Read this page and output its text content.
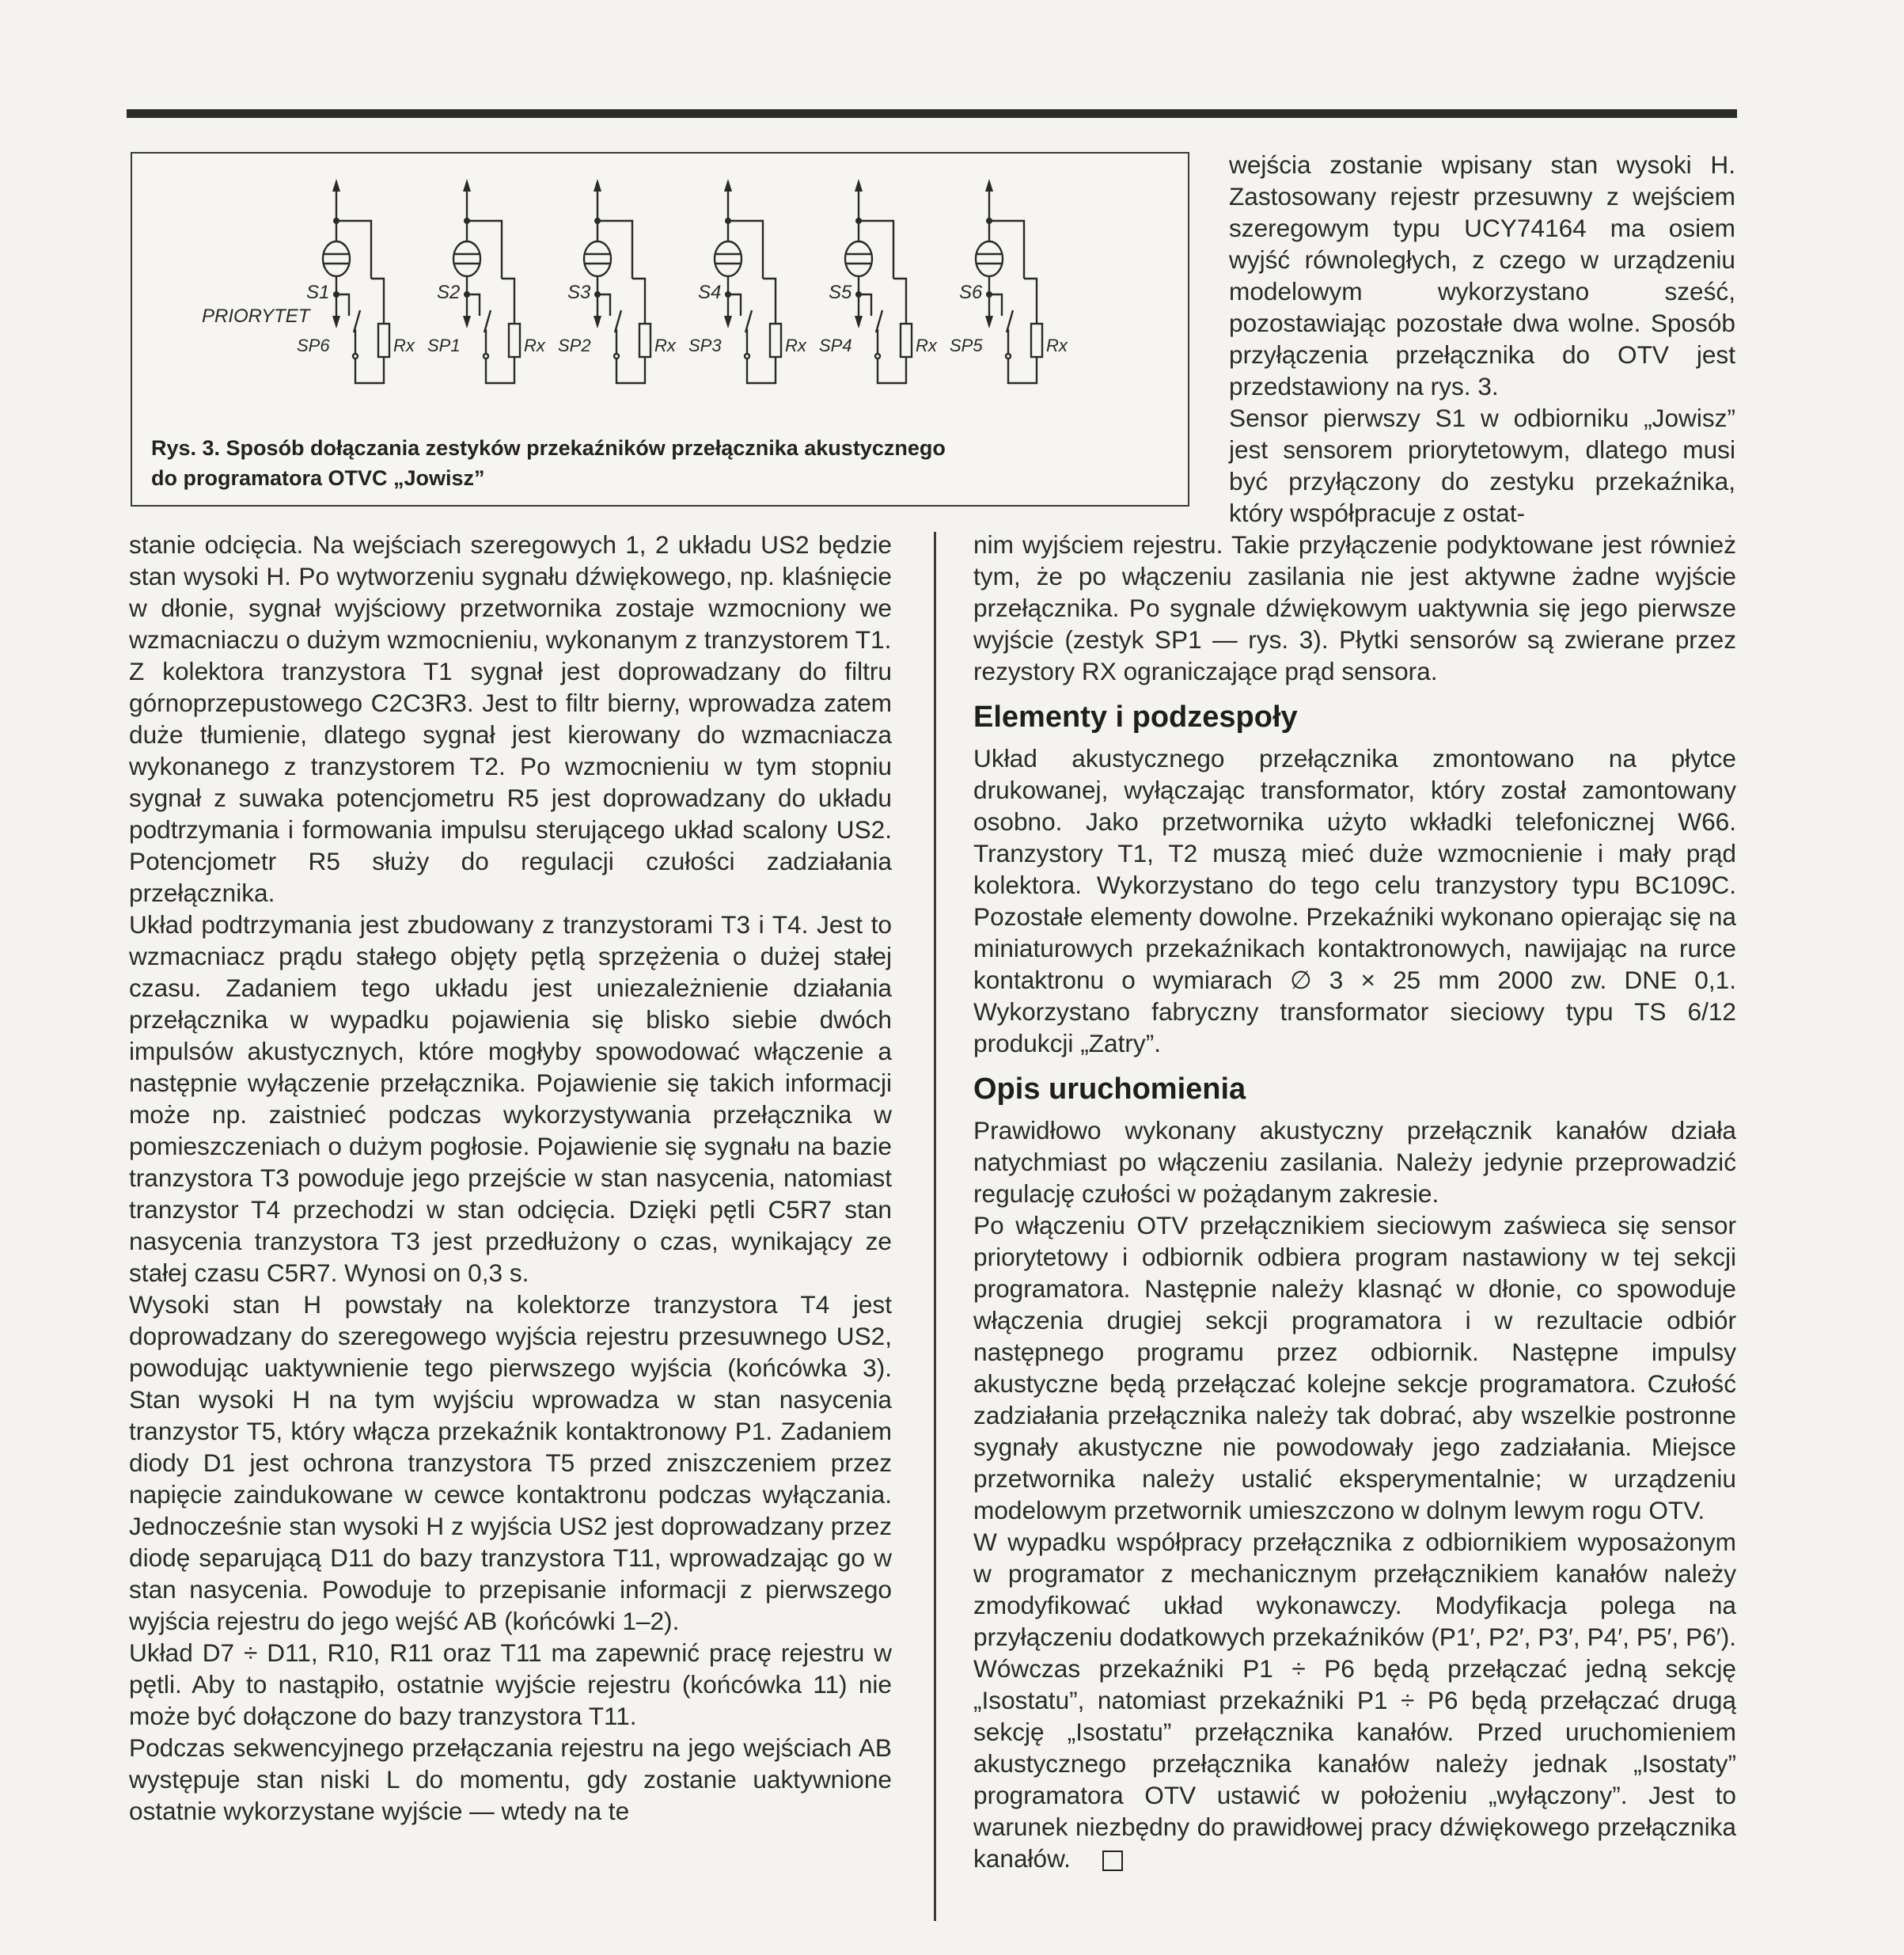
S1
SP6	Rx
S2
SP1	Rx
S3
SP2	Rx
S4
SP3	Rx
S5
SP4	Rx
S6
SP5	Rx
PRIORYTET
Rys. 3. Sposób dołączania zestyków przekaźników przełącznika akustycznego
do programatora OTVC „Jowisz”

wejścia zostanie wpisany stan wysoki H. Zastosowany rejestr przesuwny z wejściem szeregowym typu UCY74164 ma osiem wyjść równoległych, z czego w urządzeniu modelowym wykorzystano sześć, pozostawiając pozostałe dwa wolne. Sposób przyłączenia przełącznika do OTV jest przedstawiony na rys. 3.

Sensor pierwszy S1 w odbiorniku „Jowisz” jest sensorem priorytetowym, dlatego musi być przyłączony do zestyku przekaźnika, który współpracuje z ostat-

stanie odcięcia. Na wejściach szeregowych 1, 2 układu US2 będzie stan wysoki H. Po wytworzeniu sygnału dźwiękowego, np. klaśnięcie w dłonie, sygnał wyjściowy przetwornika zostaje wzmocniony we wzmacniaczu o dużym wzmocnieniu, wykonanym z tranzystorem T1.

Z kolektora tranzystora T1 sygnał jest doprowadzany do filtru górnoprzepustowego C2C3R3. Jest to filtr bierny, wprowadza zatem duże tłumienie, dlatego sygnał jest kierowany do wzmacniacza wykonanego z tranzystorem T2. Po wzmocnieniu w tym stopniu sygnał z suwaka potencjometru R5 jest doprowadzany do układu podtrzymania i formowania impulsu sterującego układ scalony US2. Potencjometr R5 służy do regulacji czułości zadziałania przełącznika.

Układ podtrzymania jest zbudowany z tranzystorami T3 i T4. Jest to wzmacniacz prądu stałego objęty pętlą sprzężenia o dużej stałej czasu. Zadaniem tego układu jest uniezależnienie działania przełącznika w wypadku pojawienia się blisko siebie dwóch impulsów akustycznych, które mogłyby spowodować włączenie a następnie wyłączenie przełącznika. Pojawienie się takich informacji może np. zaistnieć podczas wykorzystywania przełącznika w pomieszczeniach o dużym pogłosie. Pojawienie się sygnału na bazie tranzystora T3 powoduje jego przejście w stan nasycenia, natomiast tranzystor T4 przechodzi w stan odcięcia. Dzięki pętli C5R7 stan nasycenia tranzystora T3 jest przedłużony o czas, wynikający ze stałej czasu C5R7. Wynosi on 0,3 s.

Wysoki stan H powstały na kolektorze tranzystora T4 jest doprowadzany do szeregowego wyjścia rejestru przesuwnego US2, powodując uaktywnienie tego pierwszego wyjścia (końcówka 3). Stan wysoki H na tym wyjściu wprowadza w stan nasycenia tranzystor T5, który włącza przekaźnik kontaktronowy P1. Zadaniem diody D1 jest ochrona tranzystora T5 przed zniszczeniem przez napięcie zaindukowane w cewce kontaktronu podczas wyłączania. Jednocześnie stan wysoki H z wyjścia US2 jest doprowadzany przez diodę separującą D11 do bazy tranzystora T11, wprowadzając go w stan nasycenia. Powoduje to przepisanie informacji z pierwszego wyjścia rejestru do jego wejść AB (końcówki 1–2).

Układ D7 ÷ D11, R10, R11 oraz T11 ma zapewnić pracę rejestru w pętli. Aby to nastąpiło, ostatnie wyjście rejestru (końcówka 11) nie może być dołączone do bazy tranzystora T11.

Podczas sekwencyjnego przełączania rejestru na jego wejściach AB występuje stan niski L do momentu, gdy zostanie uaktywnione ostatnie wykorzystane wyjście — wtedy na te

nim wyjściem rejestru. Takie przyłączenie podyktowane jest również tym, że po włączeniu zasilania nie jest aktywne żadne wyjście przełącznika. Po sygnale dźwiękowym uaktywnia się jego pierwsze wyjście (zestyk SP1 — rys. 3). Płytki sensorów są zwierane przez rezystory RX ograniczające prąd sensora.

Elementy i podzespoły

Układ akustycznego przełącznika zmontowano na płytce drukowanej, wyłączając transformator, który został zamontowany osobno. Jako przetwornika użyto wkładki telefonicznej W66. Tranzystory T1, T2 muszą mieć duże wzmocnienie i mały prąd kolektora. Wykorzystano do tego celu tranzystory typu BC109C. Pozostałe elementy dowolne. Przekaźniki wykonano opierając się na miniaturowych przekaźnikach kontaktronowych, nawijając na rurce kontaktronu o wymiarach ∅ 3 × 25 mm 2000 zw. DNE 0,1. Wykorzystano fabryczny transformator sieciowy typu TS 6/12 produkcji „Zatry”.

Opis uruchomienia

Prawidłowo wykonany akustyczny przełącznik kanałów działa natychmiast po włączeniu zasilania. Należy jedynie przeprowadzić regulację czułości w pożądanym zakresie.

Po włączeniu OTV przełącznikiem sieciowym zaświeca się sensor priorytetowy i odbiornik odbiera program nastawiony w tej sekcji programatora. Następnie należy klasnąć w dłonie, co spowoduje włączenia drugiej sekcji programatora i w rezultacie odbiór następnego programu przez odbiornik. Następne impulsy akustyczne będą przełączać kolejne sekcje programatora. Czułość zadziałania przełącznika należy tak dobrać, aby wszelkie postronne sygnały akustyczne nie powodowały jego zadziałania. Miejsce przetwornika należy ustalić eksperymentalnie; w urządzeniu modelowym przetwornik umieszczono w dolnym lewym rogu OTV.

W wypadku współpracy przełącznika z odbiornikiem wyposażonym w programator z mechanicznym przełącznikiem kanałów należy zmodyfikować układ wykonawczy. Modyfikacja polega na przyłączeniu dodatkowych przekaźników (P1′, P2′, P3′, P4′, P5′, P6′). Wówczas przekaźniki P1 ÷ P6 będą przełączać jedną sekcję „Isostatu”, natomiast przekaźniki P1 ÷ P6 będą przełączać drugą sekcję „Isostatu” przełącznika kanałów. Przed uruchomieniem akustycznego przełącznika kanałów należy jednak „Isostaty” programatora OTV ustawić w położeniu „wyłączony”. Jest to warunek niezbędny do prawidłowej pracy dźwiękowego przełącznika kanałów.
